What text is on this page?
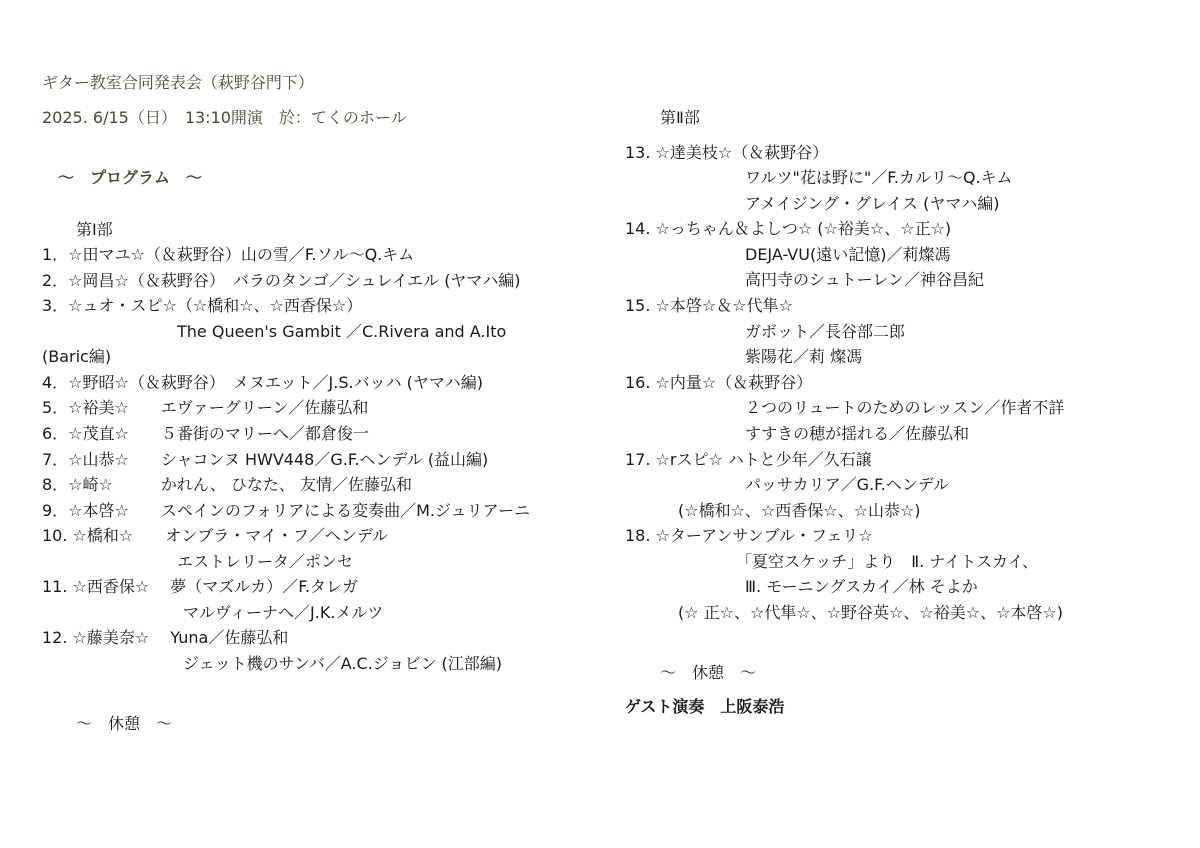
ギター教室合同発表会（萩野谷門下）
2025. 6/15（日）　13:10開演　於：てくのホール
〜　プログラム　〜
第Ⅰ部
1．☆田マユ☆（＆萩野谷）山の雪／F.ソル〜Q.キム
2．☆岡昌☆（＆萩野谷）　バラのタンゴ／シュレイエル (ヤマハ編)
3．☆ュオ・スピ☆（☆橋和☆、☆西香保☆）
The Queen's Gambit ／C.Rivera and A.Ito
(Baric編)
4．☆野昭☆（＆萩野谷）　メヌエット／J.S.バッハ (ヤマハ編)
5．☆裕美☆　　エヴァーグリーン／佐藤弘和
6．☆茂直☆　　５番街のマリーへ／都倉俊一
7．☆山恭☆　　シャコンヌ HWV448／G.F.ヘンデル (益山編)
8．☆崎☆　　　かれん、 ひなた、 友情／佐藤弘和
9．☆本啓☆　　スペインのフォリアによる変奏曲／M.ジュリアーニ
10. ☆橋和☆　　オンブラ・マイ・フ／ヘンデル
エストレリータ／ポンセ
11. ☆西香保☆　 夢（マズルカ）／F.タレガ
マルヴィーナへ／J.K.メルツ
12. ☆藤美奈☆　 Yuna／佐藤弘和
ジェット機のサンバ／A.C.ジョビン (江部編)
〜　休憩　〜
第Ⅱ部
13. ☆達美枝☆（＆萩野谷）
ワルツ"花は野に"／F.カルリ〜Q.キム
アメイジング・グレイス (ヤマハ編)
14. ☆っちゃん＆よしつ☆ (☆裕美☆、☆正☆)
DEJA-VU(遠い記憶)／莉燦馮
高円寺のシュトーレン／神谷昌紀
15. ☆本啓☆＆☆代隼☆
ガボット／長谷部二郎
紫陽花／莉 燦馮
16. ☆内量☆（＆萩野谷）
２つのリュートのためのレッスン／作者不詳
すすきの穂が揺れる／佐藤弘和
17. ☆rスピ☆ ハトと少年／久石譲
パッサカリア／G.F.ヘンデル
(☆橋和☆、☆西香保☆、☆山恭☆)
18. ☆ターアンサンブル・フェリ☆
「夏空スケッチ」より　Ⅱ. ナイトスカイ、
Ⅲ. モーニングスカイ／林 そよか
(☆ 正☆、☆代隼☆、☆野谷英☆、☆裕美☆、☆本啓☆)
〜　休憩　〜
ゲスト演奏　上阪泰浩
